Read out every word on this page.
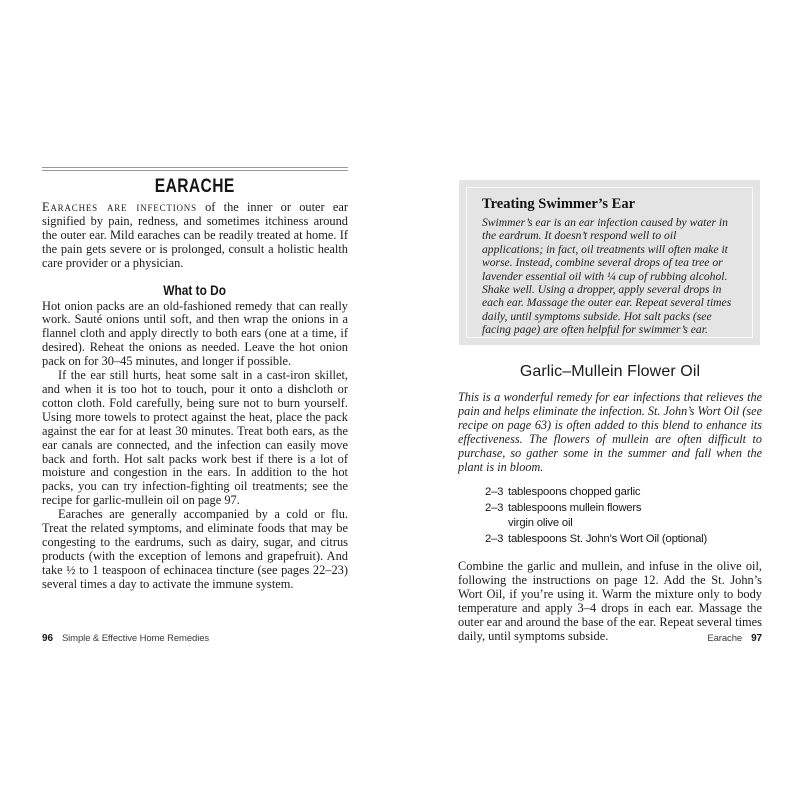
EARACHE

Earaches are infections of the inner or outer ear signified by pain, redness, and sometimes itchiness around the outer ear. Mild earaches can be readily treated at home. If the pain gets severe or is prolonged, consult a holistic health care provider or a physician.

What to Do

Hot onion packs are an old-fashioned remedy that can really work. Sauté onions until soft, and then wrap the onions in a flannel cloth and apply directly to both ears (one at a time, if desired). Reheat the onions as needed. Leave the hot onion pack on for 30–45 minutes, and longer if possible.

If the ear still hurts, heat some salt in a cast-iron skillet, and when it is too hot to touch, pour it onto a dishcloth or cotton cloth. Fold carefully, being sure not to burn yourself. Using more towels to protect against the heat, place the pack against the ear for at least 30 minutes. Treat both ears, as the ear canals are connected, and the infection can easily move back and forth. Hot salt packs work best if there is a lot of moisture and congestion in the ears. In addition to the hot packs, you can try infection-fighting oil treatments; see the recipe for garlic-mullein oil on page 97.

Earaches are generally accompanied by a cold or flu. Treat the related symptoms, and eliminate foods that may be congesting to the eardrums, such as dairy, sugar, and citrus products (with the exception of lemons and grapefruit). And take ½ to 1 teaspoon of echinacea tincture (see pages 22–23) several times a day to activate the immune system.

96 Simple & Effective Home Remedies
Treating Swimmer’s Ear

Swimmer’s ear is an ear infection caused by water in the eardrum. It doesn’t respond well to oil applications; in fact, oil treatments will often make it worse. Instead, combine several drops of tea tree or lavender essential oil with ¼ cup of rubbing alcohol. Shake well. Using a dropper, apply several drops in each ear. Massage the outer ear. Repeat several times daily, until symptoms subside. Hot salt packs (see facing page) are often helpful for swimmer’s ear.

Garlic–Mullein Flower Oil

This is a wonderful remedy for ear infections that relieves the pain and helps eliminate the infection. St. John’s Wort Oil (see recipe on page 63) is often added to this blend to enhance its effectiveness. The flowers of mullein are often difficult to purchase, so gather some in the summer and fall when the plant is in bloom.

2–3 tablespoons chopped garlic
2–3 tablespoons mullein flowers
virgin olive oil
2–3 tablespoons St. John’s Wort Oil (optional)

Combine the garlic and mullein, and infuse in the olive oil, following the instructions on page 12. Add the St. John’s Wort Oil, if you’re using it. Warm the mixture only to body temperature and apply 3–4 drops in each ear. Massage the outer ear and around the base of the ear. Repeat several times daily, until symptoms subside.	Earache 97
